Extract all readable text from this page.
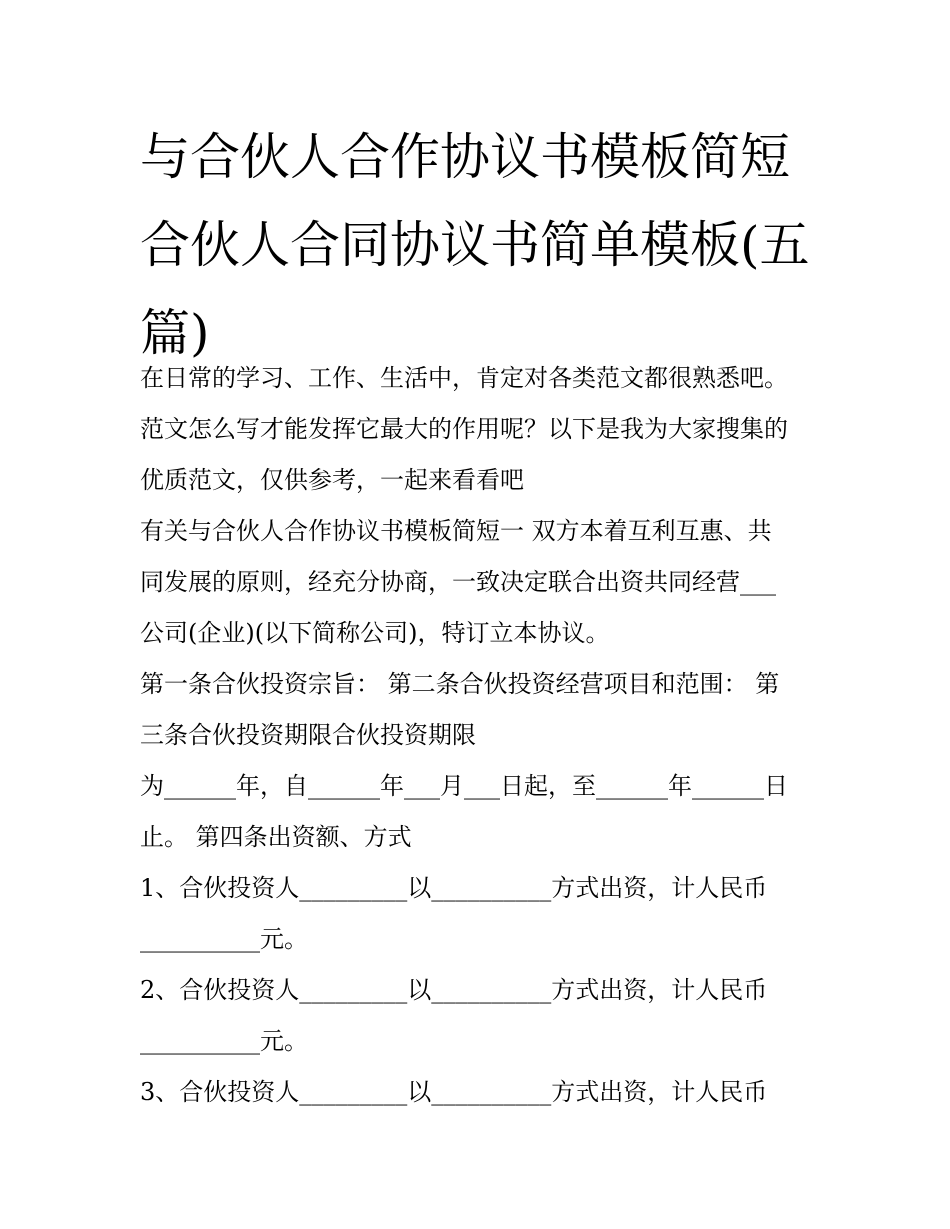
与合伙人合作协议书模板简短
合伙人合同协议书简单模板(五
篇)
在日常的学习、工作、生活中，肯定对各类范文都很熟悉吧。
范文怎么写才能发挥它最大的作用呢？以下是我为大家搜集的
优质范文，仅供参考，一起来看看吧
有关与合伙人合作协议书模板简短一 双方本着互利互惠、共
同发展的原则，经充分协商，一致决定联合出资共同经营___
公司(企业)(以下简称公司)，特订立本协议。
第一条合伙投资宗旨： 第二条合伙投资经营项目和范围： 第
三条合伙投资期限合伙投资期限
为______年，自______年___月___日起，至______年______日
止。 第四条出资额、方式
1、合伙投资人_________以__________方式出资，计人民币
__________元。
2、合伙投资人_________以__________方式出资，计人民币
__________元。
3、合伙投资人_________以__________方式出资，计人民币
